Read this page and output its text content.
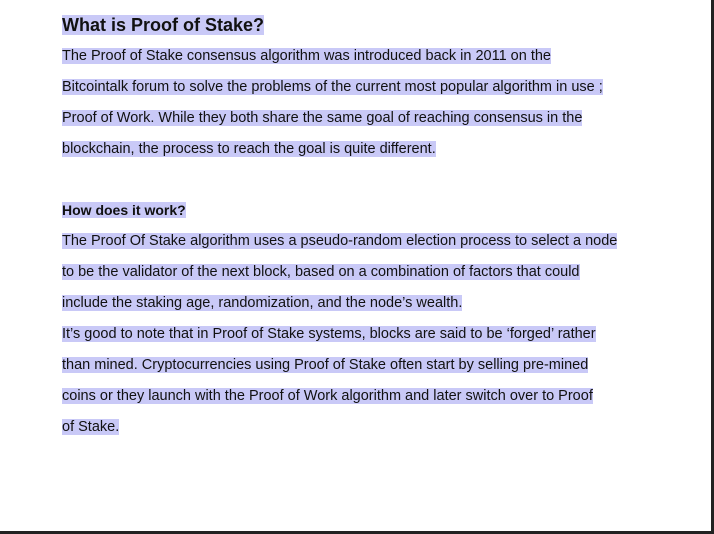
What is Proof of Stake?
The Proof of Stake consensus algorithm was introduced back in 2011 on the
Bitcointalk forum to solve the problems of the current most popular algorithm in use ;
Proof of Work. While they both share the same goal of reaching consensus in the
blockchain, the process to reach the goal is quite different.
How does it work?
The Proof Of Stake algorithm uses a pseudo-random election process to select a node
to be the validator of the next block, based on a combination of factors that could
include the staking age, randomization, and the node’s wealth.
It’s good to note that in Proof of Stake systems, blocks are said to be ‘forged’ rather
than mined. Cryptocurrencies using Proof of Stake often start by selling pre-mined
coins or they launch with the Proof of Work algorithm and later switch over to Proof
of Stake.
